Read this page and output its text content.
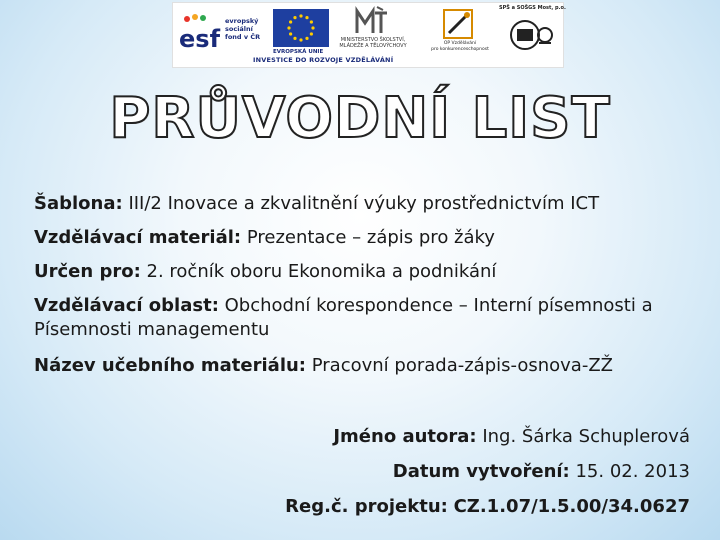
esf
evropský
sociální
fond v ČR
EVROPSKÁ UNIE
MINISTERSTVO ŠKOLSTVÍ,
MLÁDEŽE A TĚLOVÝCHOVY	OP Vzdělávání
pro konkurenceschopnost
SPŠ a SOŠGS Most, p.o.
INVESTICE DO ROZVOJE VZDĚLÁVÁNÍ
PRŮVODNÍ LIST
Šablona: III/2 Inovace a zkvalitnění výuky prostřednictvím ICT
Vzdělávací materiál: Prezentace – zápis pro žáky
Určen pro: 2. ročník oboru Ekonomika a podnikání
Vzdělávací oblast: Obchodní korespondence – Interní písemnosti a Písemnosti managementu
Název učebního materiálu: Pracovní porada-zápis-osnova-ZŽ
Jméno autora: Ing. Šárka Schuplerová
Datum vytvoření: 15. 02. 2013
Reg.č. projektu: CZ.1.07/1.5.00/34.0627
